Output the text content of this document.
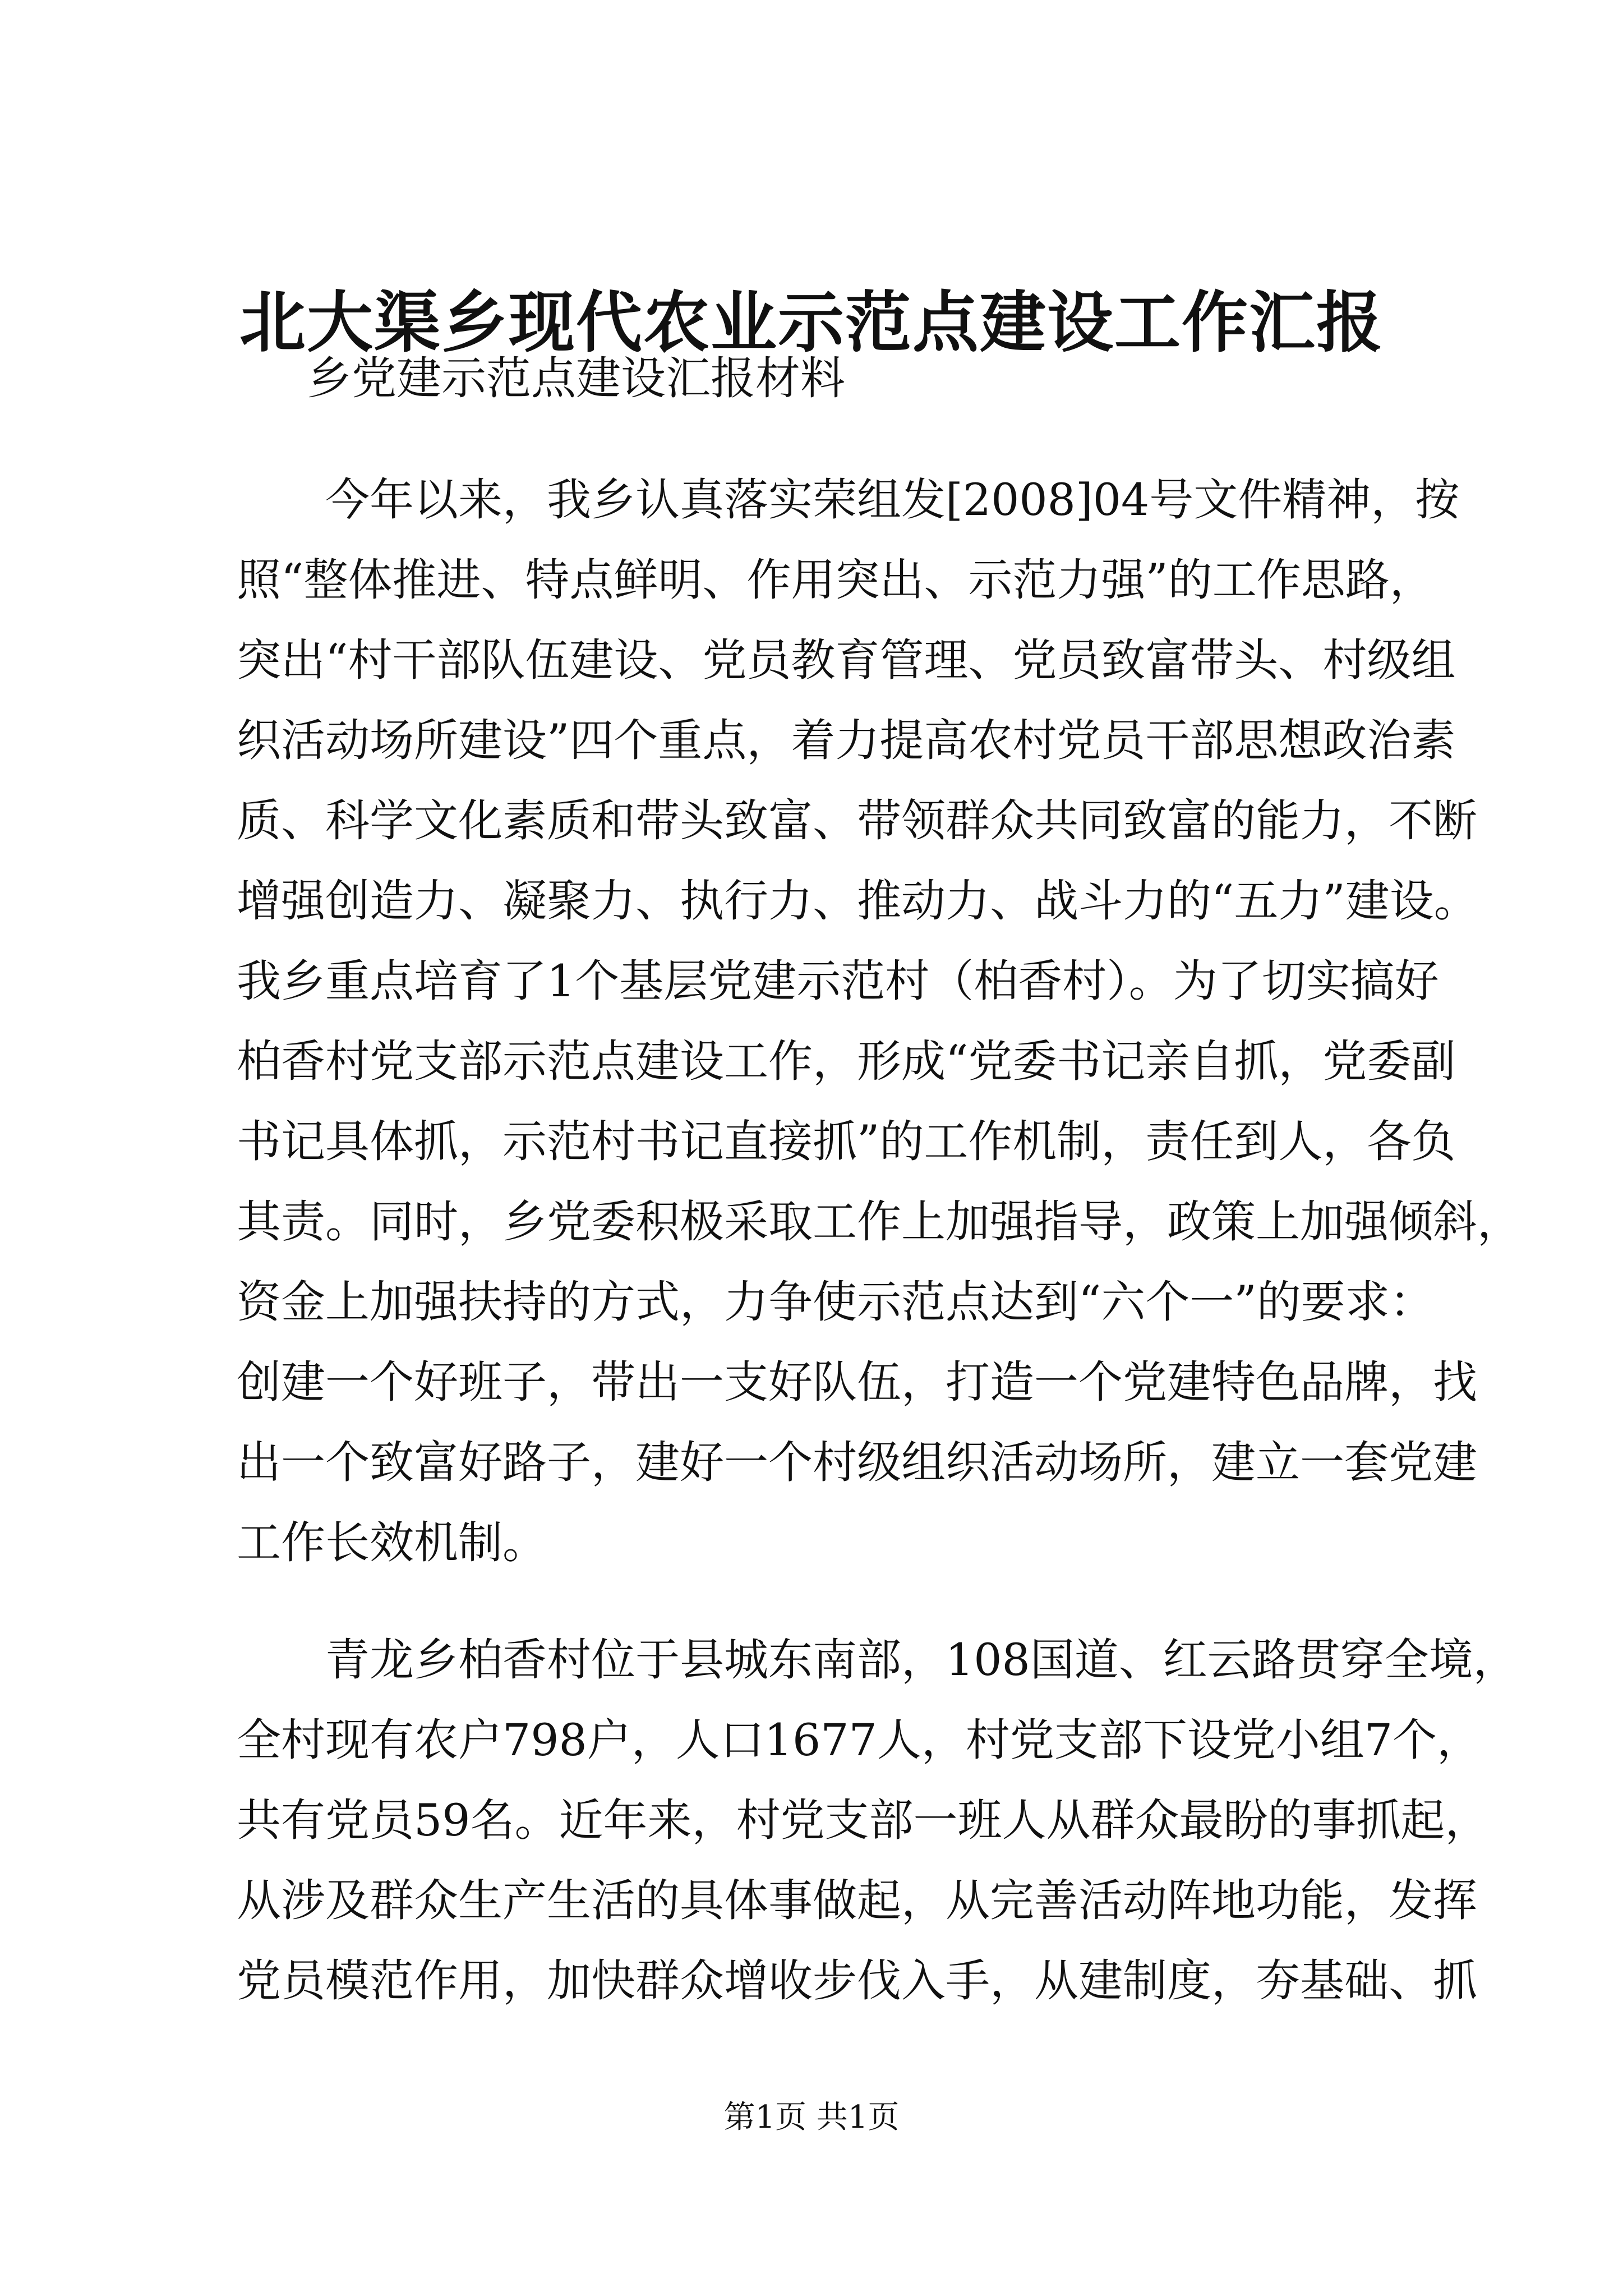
北大渠乡现代农业示范点建设工作汇报
乡党建示范点建设汇报材料
　　今年以来，我乡认真落实荣组发[2008]04号文件精神，按
照“整体推进、特点鲜明、作用突出、示范力强”的工作思路，
突出“村干部队伍建设、党员教育管理、党员致富带头、村级组
织活动场所建设”四个重点，着力提高农村党员干部思想政治素
质、科学文化素质和带头致富、带领群众共同致富的能力，不断
增强创造力、凝聚力、执行力、推动力、战斗力的“五力”建设。
我乡重点培育了1个基层党建示范村（柏香村）。为了切实搞好
柏香村党支部示范点建设工作，形成“党委书记亲自抓，党委副
书记具体抓，示范村书记直接抓”的工作机制，责任到人，各负
其责。同时，乡党委积极采取工作上加强指导，政策上加强倾斜，
资金上加强扶持的方式，力争使示范点达到“六个一”的要求：
创建一个好班子，带出一支好队伍，打造一个党建特色品牌，找
出一个致富好路子，建好一个村级组织活动场所，建立一套党建
工作长效机制。
　　青龙乡柏香村位于县城东南部，108国道、红云路贯穿全境，
全村现有农户798户，人口1677人，村党支部下设党小组7个，
共有党员59名。近年来，村党支部一班人从群众最盼的事抓起，
从涉及群众生产生活的具体事做起，从完善活动阵地功能，发挥
党员模范作用，加快群众增收步伐入手，从建制度，夯基础、抓
第1页 共1页
